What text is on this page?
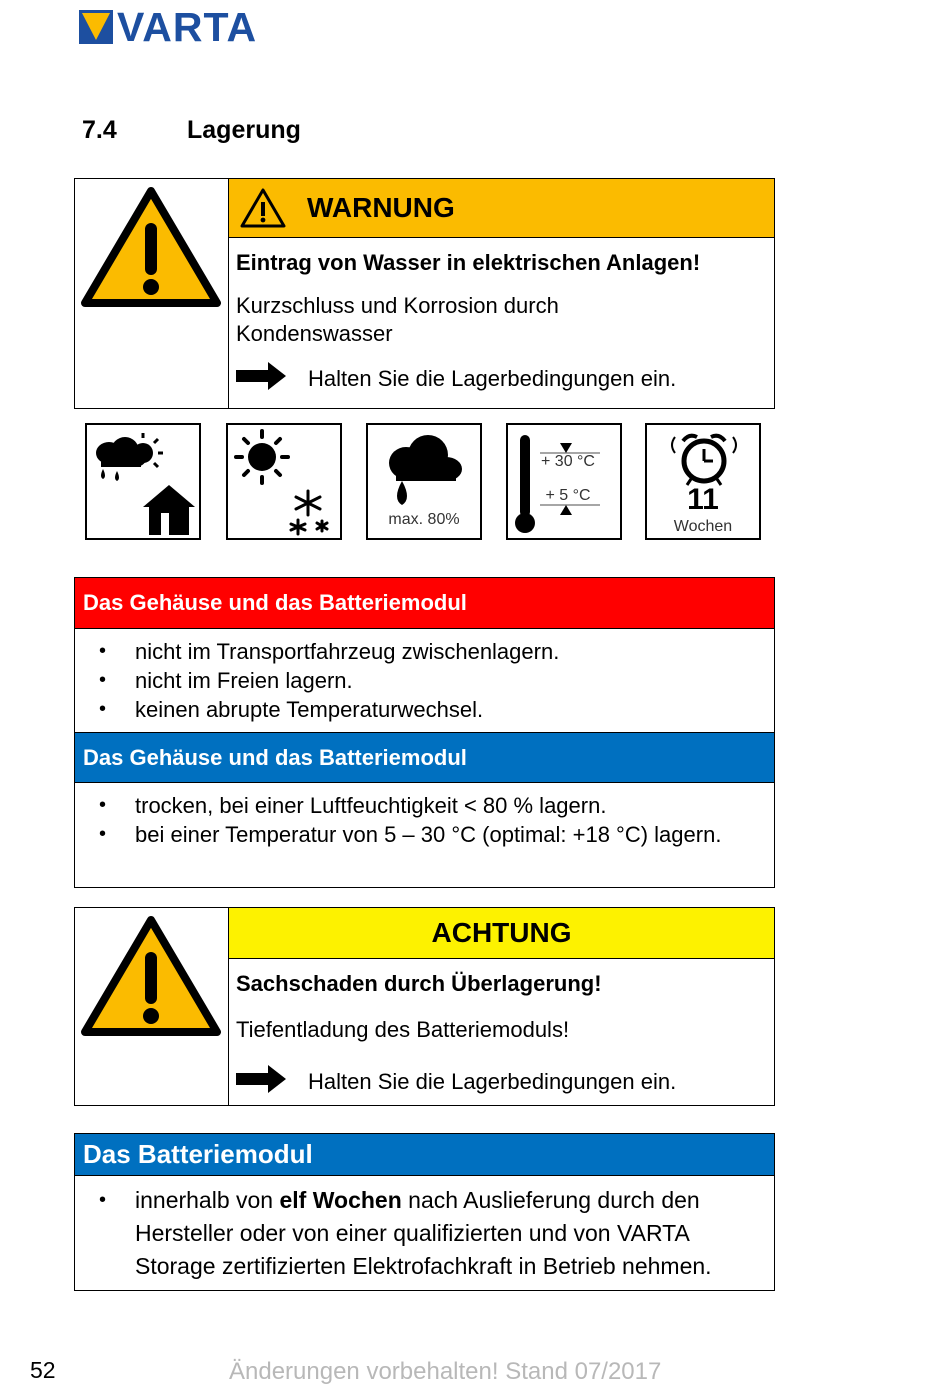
VARTA
7.4	Lagerung
WARNUNG

Eintrag von Wasser in elektrischen Anlagen!

Kurzschluss und Korrosion durch Kondenswasser

Halten Sie die Lagerbedingungen ein.
max. 80%
+ 30 °C
+ 5 °C	11
Wochen
Das Gehäuse und das Batteriemodul
• nicht im Transportfahrzeug zwischenlagern.
• nicht im Freien lagern.
• keinen abrupte Temperaturwechsel.
Das Gehäuse und das Batteriemodul
• trocken, bei einer Luftfeuchtigkeit < 80 % lagern.
• bei einer Temperatur von 5 – 30 °C (optimal: +18 °C) lagern.
ACHTUNG

Sachschaden durch Überlagerung!

Tiefentladung des Batteriemoduls!

Halten Sie die Lagerbedingungen ein.
Das Batteriemodul
• innerhalb von elf Wochen nach Auslieferung durch den Hersteller oder von einer qualifizierten und von VARTA Storage zertifizierten Elektrofachkraft in Betrieb nehmen.
52	Änderungen vorbehalten! Stand 07/2017
